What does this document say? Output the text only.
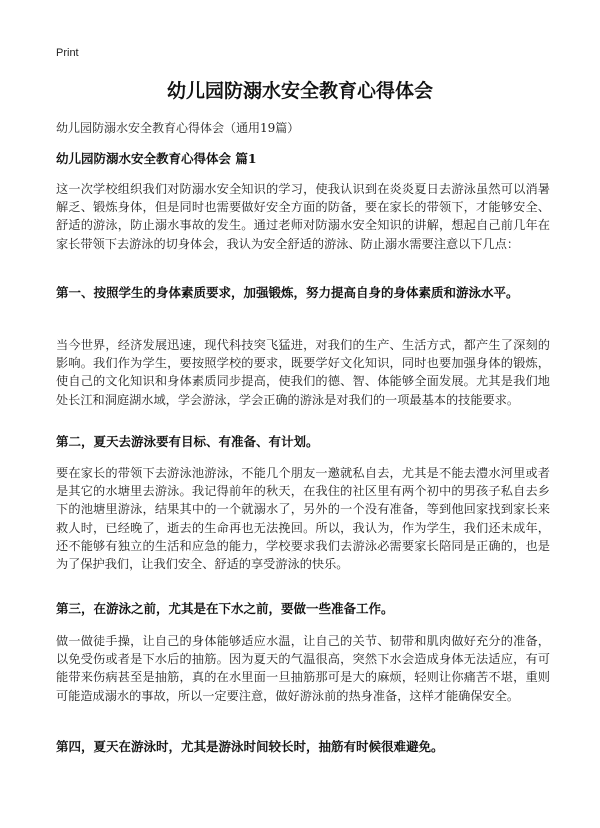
Print
幼儿园防溺水安全教育心得体会
幼儿园防溺水安全教育心得体会（通用19篇）
幼儿园防溺水安全教育心得体会 篇1
这一次学校组织我们对防溺水安全知识的学习，使我认识到在炎炎夏日去游泳虽然可以消暑解乏、锻炼身体，但是同时也需要做好安全方面的防备，要在家长的带领下，才能够安全、舒适的游泳，防止溺水事故的发生。通过老师对防溺水安全知识的讲解，想起自己前几年在家长带领下去游泳的切身体会，我认为安全舒适的游泳、防止溺水需要注意以下几点：
第一、按照学生的身体素质要求，加强锻炼，努力提高自身的身体素质和游泳水平。
当今世界，经济发展迅速，现代科技突飞猛进，对我们的生产、生活方式，都产生了深刻的影响。我们作为学生，要按照学校的要求，既要学好文化知识，同时也要加强身体的锻炼，使自己的文化知识和身体素质同步提高，使我们的德、智、体能够全面发展。尤其是我们地处长江和洞庭湖水域，学会游泳，学会正确的游泳是对我们的一项最基本的技能要求。
第二，夏天去游泳要有目标、有准备、有计划。
要在家长的带领下去游泳池游泳，不能几个朋友一邀就私自去，尤其是不能去澧水河里或者是其它的水塘里去游泳。我记得前年的秋天，在我住的社区里有两个初中的男孩子私自去乡下的池塘里游泳，结果其中的一个就溺水了，另外的一个没有准备，等到他回家找到家长来救人时，已经晚了，逝去的生命再也无法挽回。所以，我认为，作为学生，我们还未成年，还不能够有独立的生活和应急的能力，学校要求我们去游泳必需要家长陪同是正确的，也是为了保护我们，让我们安全、舒适的享受游泳的快乐。
第三，在游泳之前，尤其是在下水之前，要做一些准备工作。
做一做徒手操，让自己的身体能够适应水温，让自己的关节、韧带和肌肉做好充分的准备，以免受伤或者是下水后的抽筋。因为夏天的气温很高，突然下水会造成身体无法适应，有可能带来伤病甚至是抽筋，真的在水里面一旦抽筋那可是大的麻烦，轻则让你痛苦不堪，重则可能造成溺水的事故，所以一定要注意，做好游泳前的热身准备，这样才能确保安全。
第四，夏天在游泳时，尤其是游泳时间较长时，抽筋有时候很难避免。
